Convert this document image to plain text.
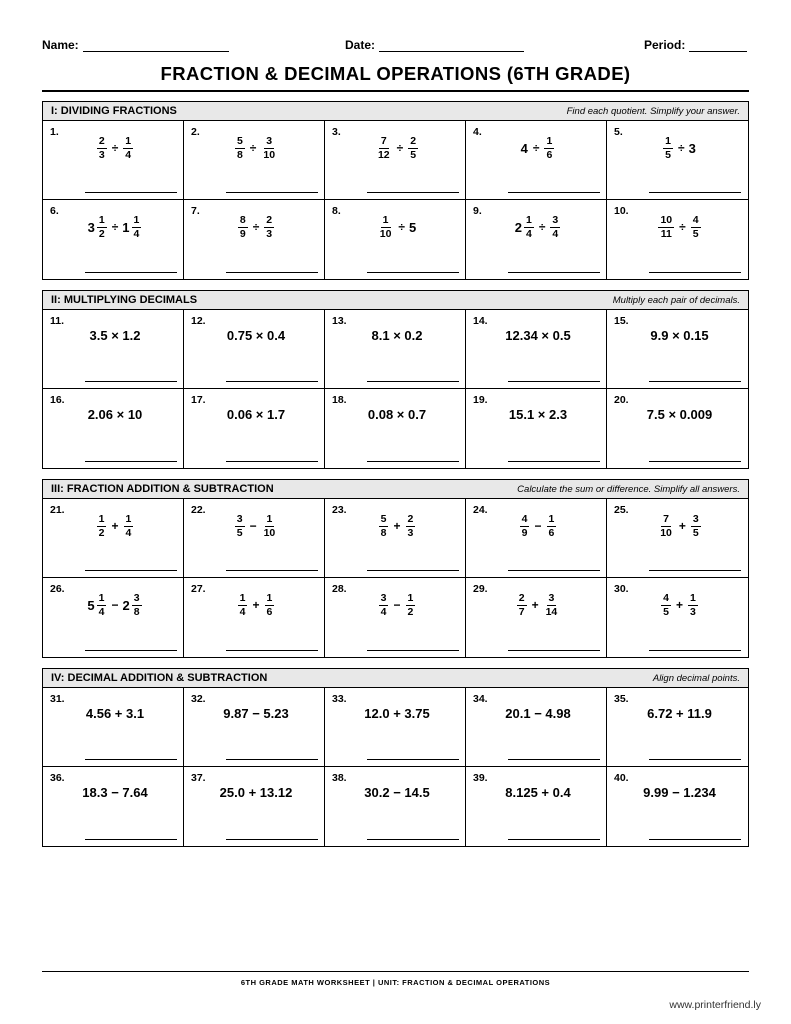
Name:	Date:	Period:
FRACTION & DECIMAL OPERATIONS (6TH GRADE)
I: DIVIDING FRACTIONS	Find each quotient. Simplify your answer.
1.
$\frac{2}{3} \div \frac{1}{4}$
2.
$\frac{5}{8} \div \frac{3}{10}$
3.
$\frac{7}{12} \div \frac{2}{5}$
4.
$4 \div \frac{1}{6}$
5.
$\frac{1}{5} \div 3$
6.
$3 \frac{1}{2} \div 1 \frac{1}{4}$
7.
$\frac{8}{9} \div \frac{2}{3}$
8.
$\frac{1}{10} \div 5$
9.
$2 \frac{1}{4} \div \frac{3}{4}$
10.
$\frac{10}{11} \div \frac{4}{5}$
II: MULTIPLYING DECIMALS	Multiply each pair of decimals.
11.
3.5 × 1.2
12.
0.75 × 0.4
13.
8.1 × 0.2
14.
12.34 × 0.5
15.
9.9 × 0.15
16.
2.06 × 10
17.
0.06 × 1.7
18.
0.08 × 0.7
19.
15.1 × 2.3
20.
7.5 × 0.009
III: FRACTION ADDITION & SUBTRACTION	Calculate the sum or difference. Simplify all answers.
21.
$\frac{1}{2} + \frac{1}{4}$
22.
$\frac{3}{5} - \frac{1}{10}$
23.
$\frac{5}{8} + \frac{2}{3}$
24.
$\frac{4}{9} - \frac{1}{6}$
25.
$\frac{7}{10} + \frac{3}{5}$
26.
$5 \frac{1}{4} - 2 \frac{3}{8}$
27.
$\frac{1}{4} + \frac{1}{6}$
28.
$\frac{3}{4} - \frac{1}{2}$
29.
$\frac{2}{7} + \frac{3}{14}$
30.
$\frac{4}{5} + \frac{1}{3}$
IV: DECIMAL ADDITION & SUBTRACTION	Align decimal points.
31.
4.56 + 3.1
32.
9.87 − 5.23
33.
12.0 + 3.75
34.
20.1 − 4.98
35.
6.72 + 11.9
36.
18.3 − 7.64
37.
25.0 + 13.12
38.
30.2 − 14.5
39.
8.125 + 0.4
40.
9.99 − 1.234
6TH GRADE MATH WORKSHEET | UNIT: FRACTION & DECIMAL OPERATIONS
www.printerfriend.ly
